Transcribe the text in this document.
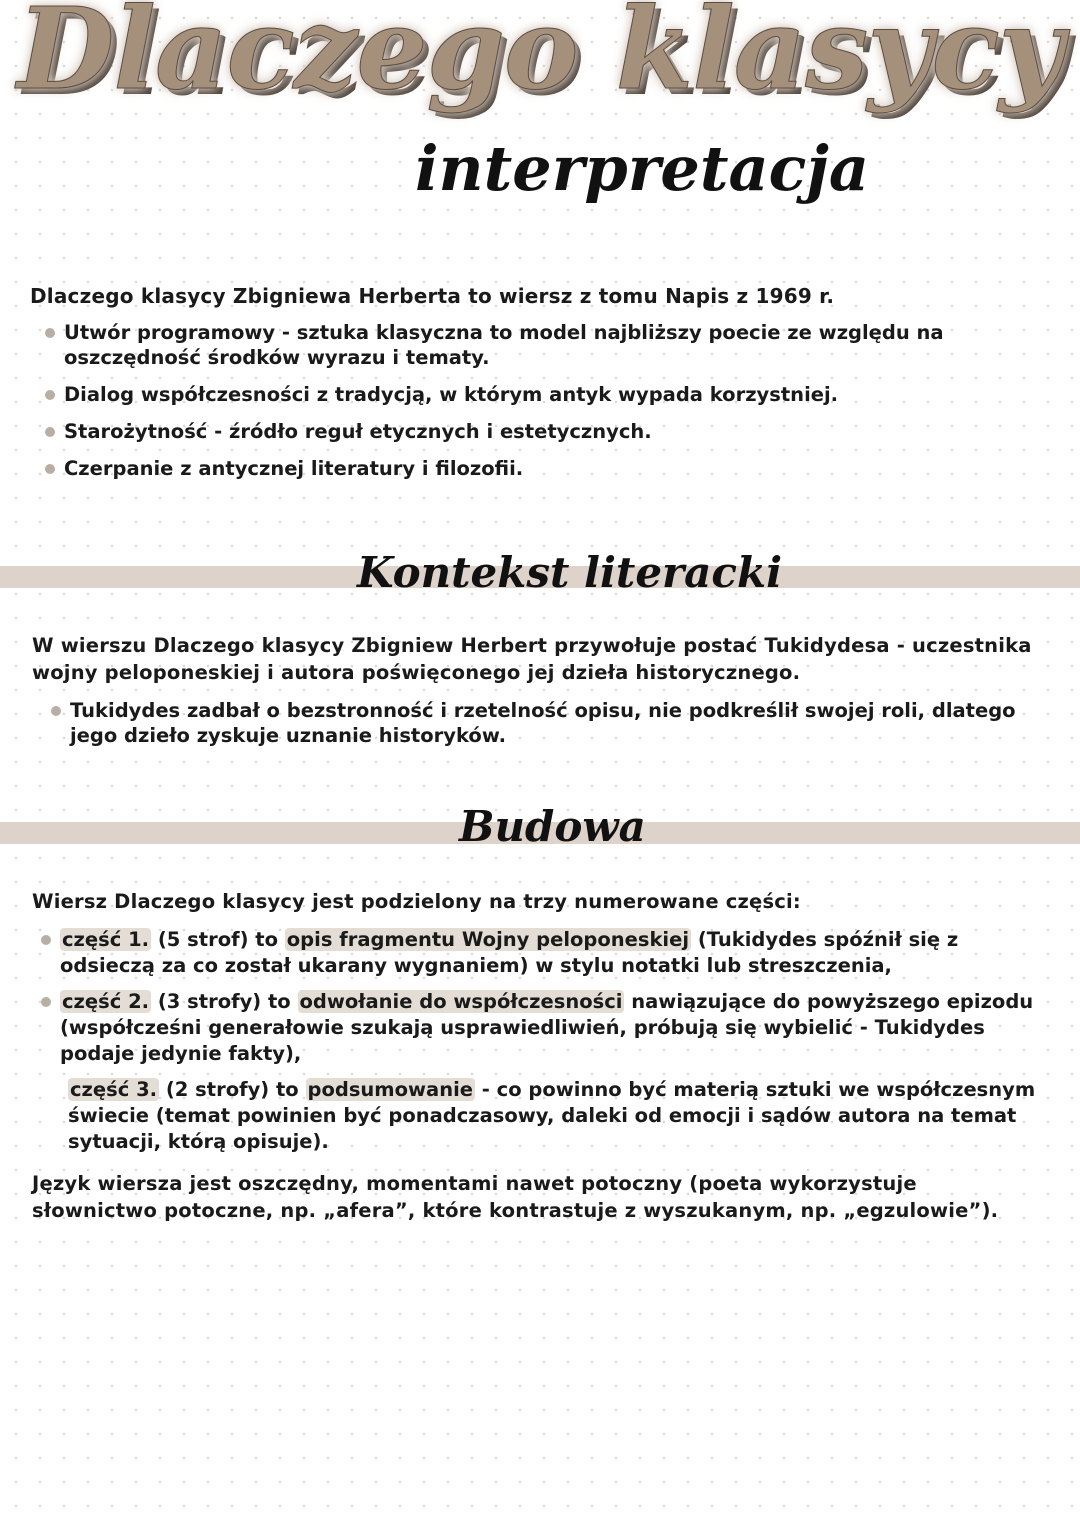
Dlaczego klasycy
interpretacja
Dlaczego klasycy Zbigniewa Herberta to wiersz z tomu Napis z 1969 r.
Utwór programowy - sztuka klasyczna to model najbliższy poecie ze względu na oszczędność środków wyrazu i tematy.
Dialog współczesności z tradycją, w którym antyk wypada korzystniej.
Starożytność - źródło reguł etycznych i estetycznych.
Czerpanie z antycznej literatury i filozofii.
Kontekst literacki
W wierszu Dlaczego klasycy Zbigniew Herbert przywołuje postać Tukidydesa - uczestnika wojny peloponeskiej i autora poświęconego jej dzieła historycznego.
Tukidydes zadbał o bezstronność i rzetelność opisu, nie podkreślił swojej roli, dlatego jego dzieło zyskuje uznanie historyków.
Budowa
Wiersz Dlaczego klasycy jest podzielony na trzy numerowane części:
część 1. (5 strof) to opis fragmentu Wojny peloponeskiej (Tukidydes spóźnił się z odsieczą za co został ukarany wygnaniem) w stylu notatki lub streszczenia,
część 2. (3 strofy) to odwołanie do współczesności nawiązujące do powyższego epizodu (współcześni generałowie szukają usprawiedliwień, próbują się wybielić - Tukidydes podaje jedynie fakty),
część 3. (2 strofy) to podsumowanie - co powinno być materią sztuki we współczesnym świecie (temat powinien być ponadczasowy, daleki od emocji i sądów autora na temat sytuacji, którą opisuje).
Język wiersza jest oszczędny, momentami nawet potoczny (poeta wykorzystuje słownictwo potoczne, np. „afera”, które kontrastuje z wyszukanym, np. „egzulowie”).
